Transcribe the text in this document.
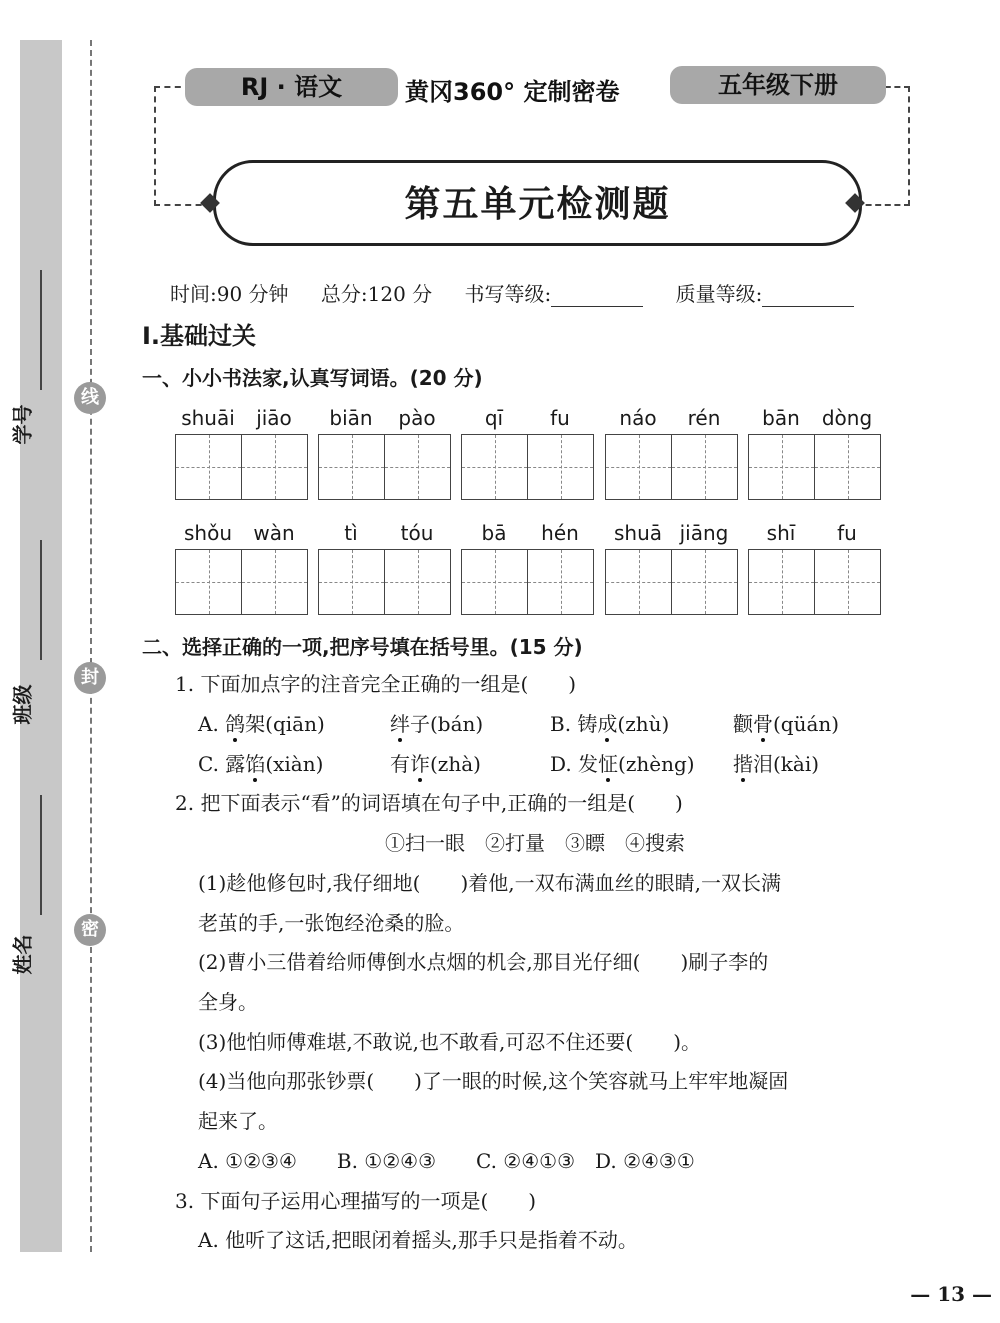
学号
班级
姓名
线
封
密
RJ · 语文	黄冈360° 定制密卷	五年级下册
第五单元检测题
时间:90 分钟 总分:120 分 书写等级:	质量等级:
Ⅰ.基础过关
一、小小书法家,认真写词语。(20 分)
shuāi	jiāo	biān	pào	qī	fu	náo	rén	bān	dòng
shǒu	wàn	tì	tóu	bā	hén	shuā jiāng	shī	fu
二、选择正确的一项,把序号填在括号里。(15 分)
1. 下面加点字的注音完全正确的一组是(　　)
A. 鸽架(qiān)	绊子(bán)	B. 铸成(zhù)	颧骨(qüán)
C. 露馅(xiàn)	有诈(zhà)	D. 发怔(zhèng) 揩泪(kài)
2. 把下面表示“看”的词语填在句子中,正确的一组是(　　)
①扫一眼　②打量　③瞟　④搜索
(1)趁他修包时,我仔细地(　　)着他,一双布满血丝的眼睛,一双长满
老茧的手,一张饱经沧桑的脸。
(2)曹小三借着给师傅倒水点烟的机会,那目光仔细(　　)刷子李的
全身。
(3)他怕师傅难堪,不敢说,也不敢看,可忍不住还要(　　)。
(4)当他向那张钞票(　　)了一眼的时候,这个笑容就马上牢牢地凝固
起来了。
A. ①②③④　　B. ①②④③　　C. ②④①③　D. ②④③①
3. 下面句子运用心理描写的一项是(　　)
A. 他听了这话,把眼闭着摇头,那手只是指着不动。
— 13 —
